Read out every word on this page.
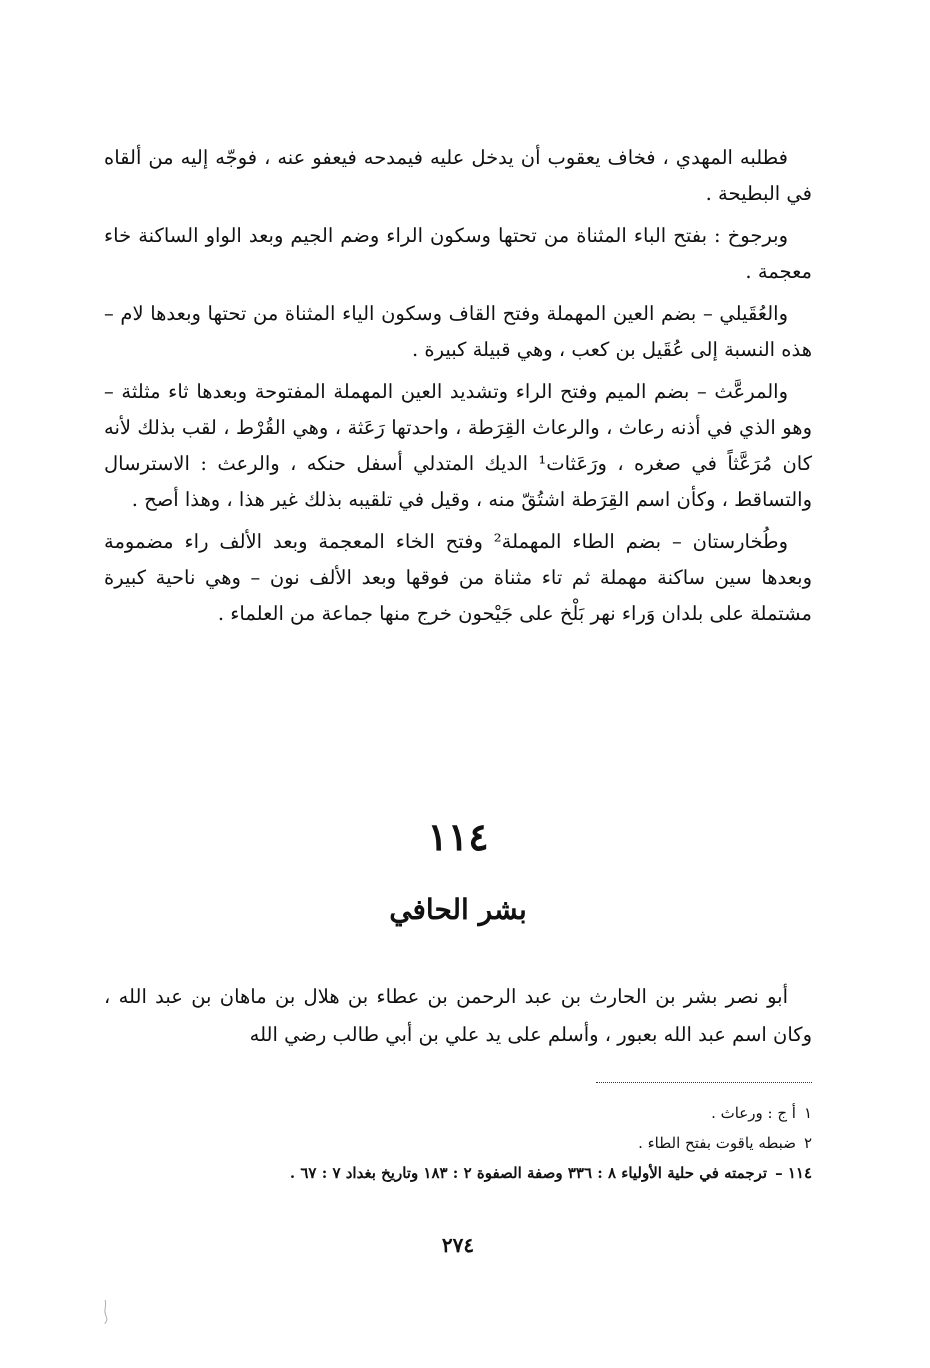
فطلبه المهدي ، فخاف يعقوب أن يدخل عليه فيمدحه فيعفو عنه ، فوجّه إليه من ألقاه في البطيحة .

وبرجوخ : بفتح الباء المثناة من تحتها وسكون الراء وضم الجيم وبعد الواو الساكنة خاء معجمة .

والعُقَيلي – بضم العين المهملة وفتح القاف وسكون الياء المثناة من تحتها وبعدها لام – هذه النسبة إلى عُقَيل بن كعب ، وهي قبيلة كبيرة .

والمرعَّث – بضم الميم وفتح الراء وتشديد العين المهملة المفتوحة وبعدها ثاء مثلثة – وهو الذي في أذنه رعاث ، والرعاث القِرَطة ، واحدتها رَعَثة ، وهي القُرْط ، لقب بذلك لأنه كان مُرَعَّثاً في صغره ، ورَعَثات¹ الديك المتدلي أسفل حنكه ، والرعث : الاسترسال والتساقط ، وكأن اسم القِرَطة اشتُقّ منه ، وقيل في تلقيبه بذلك غير هذا ، وهذا أصح .

وطُخارستان – بضم الطاء المهملة² وفتح الخاء المعجمة وبعد الألف راء مضمومة وبعدها سين ساكنة مهملة ثم تاء مثناة من فوقها وبعد الألف نون – وهي ناحية كبيرة مشتملة على بلدان وَراء نهر بَلْخ على جَيْحون خرج منها جماعة من العلماء .

١١٤
بشر الحافي

أبو نصر بشر بن الحارث بن عبد الرحمن بن عطاء بن هلال بن ماهان بن عبد الله ، وكان اسم عبد الله بعبور ، وأسلم على يد علي بن أبي طالب رضي الله

١أ ج : ورعاث .

٢ضبطه ياقوت بفتح الطاء .

١١٤ –ترجمته في حلية الأولياء ٨ : ٣٣٦ وصفة الصفوة ٢ : ١٨٣ وتاريخ بغداد ٧ : ٦٧ .

٢٧٤
